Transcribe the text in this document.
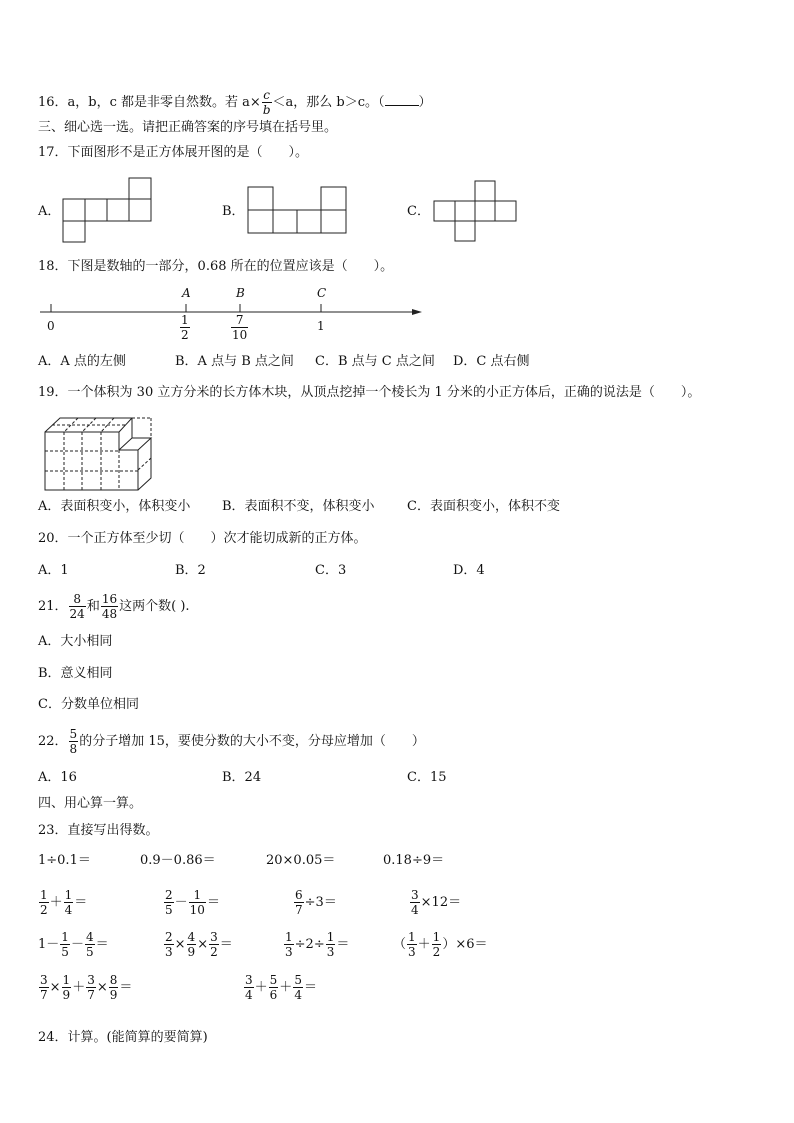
16．a，b，c 都是非零自然数。若 $a\times \frac{c}{b} <a$，那么 b＞c。（	）
三、细心选一选。请把正确答案的序号填在括号里。
17．下面图形不是正方体展开图的是（　　）。
A．	B．	C．
18．下图是数轴的一部分，0.68 所在的位置应该是（　　）。
A	B	C
0	$\frac{1}{2}$	$\frac{7}{10}$	1
A．A 点的左侧	B．A 点与 B 点之间 C．B 点与 C 点之间 D．C 点右侧
19．一个体积为 30 立方分米的长方体木块，从顶点挖掉一个棱长为 1 分米的小正方体后，正确的说法是（　　）。
A．表面积变小，体积变小 B．表面积不变，体积变小 C．表面积变小，体积不变
20．一个正方体至少切（　　）次才能切成新的正方体。
A．1	B．2	C．3	D．4
21． $\frac{8}{24}$ 和 $\frac{16}{48}$ 这两个数( ).
A．大小相同
B．意义相同
C．分数单位相同
22． $\frac{5}{8}$ 的分子增加 15，要使分数的大小不变，分母应增加（　　）
A．16	B．24	C．15
四、用心算一算。
23．直接写出得数。
1÷0.1＝	0.9－0.86＝	20×0.05＝	0.18÷9＝
$\frac{1}{2} + \frac{1}{4}$ ＝	$\frac{2}{5} - \frac{1}{10}$ ＝	$\frac{6}{7} \div 3=$	$\frac{3}{4} \times 12=$
$1- \frac{1}{5} - \frac{4}{5}$ ＝	$\frac{2}{3} \times \frac{4}{9} \times \frac{3}{2}$ ＝	$\frac{1}{3} \div 2\div \frac{1}{3}$ ＝	（ $\frac{1}{3} + \frac{1}{2} )\times 6=$
$\frac{3}{7} \times \frac{1}{9} + \frac{3}{7} \times \frac{8}{9}$ ＝	$\frac{3}{4} + \frac{5}{6} + \frac{5}{4}$ ＝
24．计算。(能简算的要简算)
